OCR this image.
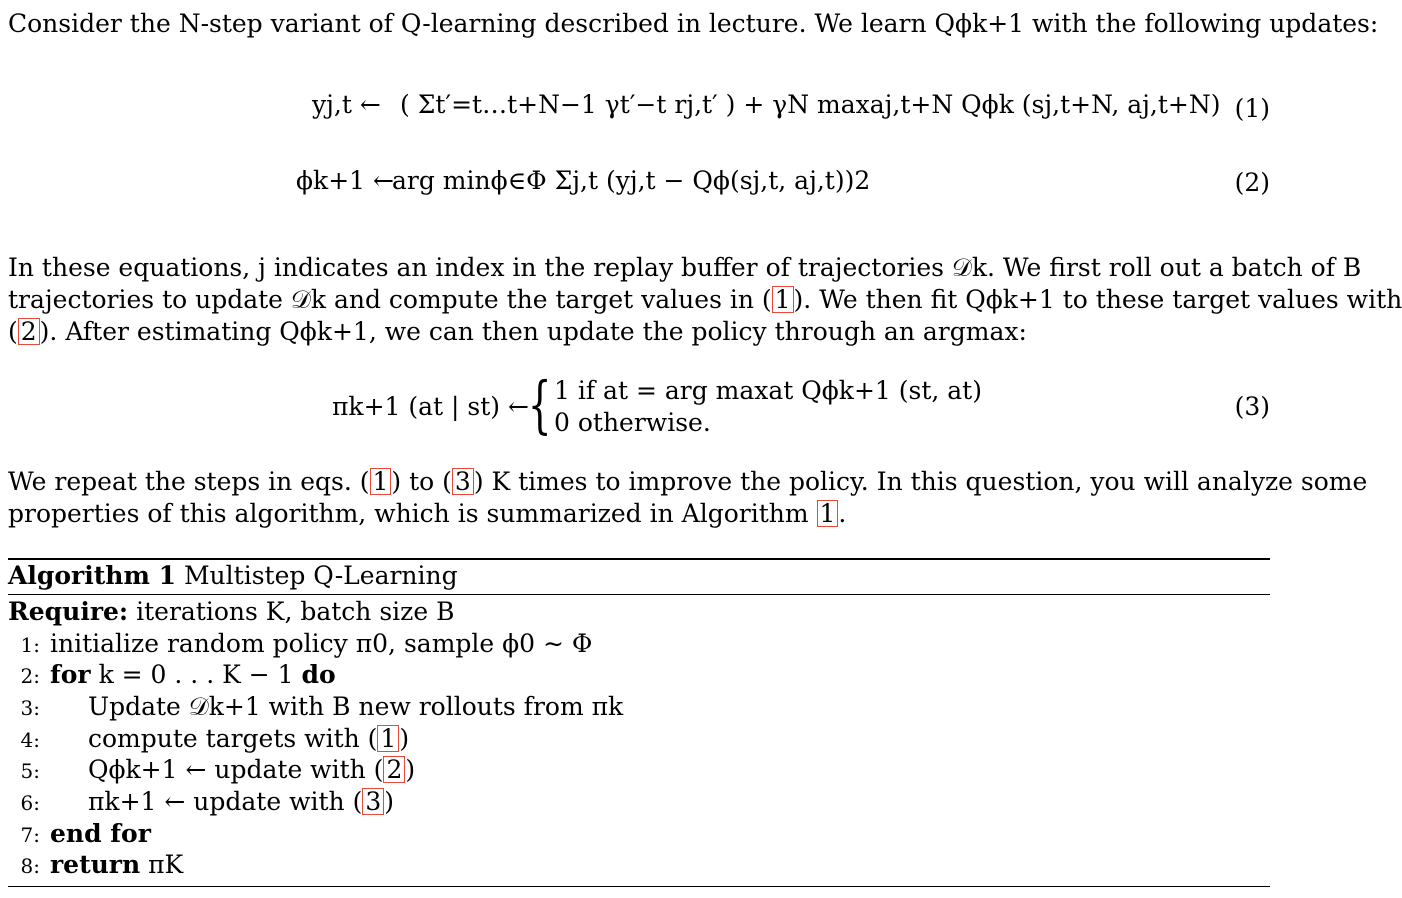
Consider the N-step variant of Q-learning described in lecture. We learn Qϕk+1 with the following updates:
yj,t ← ( Σt′=t…t+N−1 γt′−t rj,t′ ) + γN maxaj,t+N Qϕk (sj,t+N, aj,t+N) (1)
ϕk+1 ←
arg minϕ∈Φ Σj,t (yj,t − Qϕ(sj,t, aj,t))2	(2)
In these equations, j indicates an index in the replay buffer of trajectories 𝒟k. We first roll out a batch of B
trajectories to update 𝒟k and compute the target values in ( 1 ). We then fit Qϕk+1 to these target values with
( 2 ). After estimating Qϕk+1, we can then update the policy through an argmax:
πk+1 (at | st) ←
{ 1 if at = arg maxat Qϕk+1 (st, at)
0 otherwise.
(3)
We repeat the steps in eqs. ( 1 ) to ( 3 ) K times to improve the policy. In this question, you will analyze some
properties of this algorithm, which is summarized in Algorithm 1 .
Algorithm 1 Multistep Q-Learning
Require: iterations K, batch size B
1: initialize random policy π0, sample ϕ0 ∼ Φ
2: for k = 0 . . . K − 1 do
3: Update 𝒟k+1 with B new rollouts from πk
4: compute targets with ( 1 )
5: Qϕk+1 ← update with ( 2 )
6: πk+1 ← update with ( 3 )
7: end for
8: return πK
